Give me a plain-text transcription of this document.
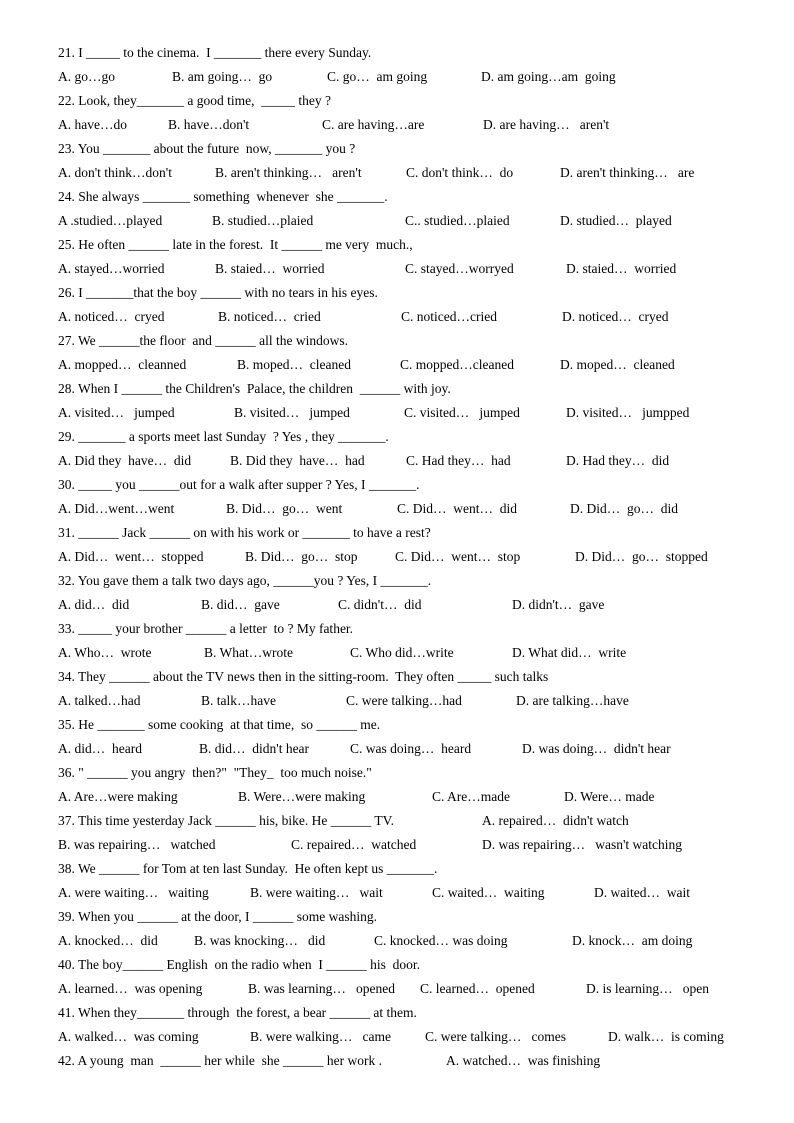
21. I _____ to the cinema.  I _______ there every Sunday.
A. go…go	B. am going…  go	C. go…  am going	D. am going…am  going
22. Look, they_______ a good time,  _____ they ?
A. have…do	B. have…don't	C. are having…are	D. are having…   aren't
23. You _______ about the future  now, _______ you ?
A. don't think…don't	B. aren't thinking…   aren't	C. don't think…  do	D. aren't thinking…   are
24. She always _______ something  whenever  she _______.
A .studied…played	B. studied…plaied	C.. studied…plaied	D. studied…  played
25. He often ______ late in the forest.  It ______ me very  much.,
A. stayed…worried	B. staied…  worried	C. stayed…worryed	D. staied…  worried
26. I _______that the boy ______ with no tears in his eyes.
A. noticed…  cryed	B. noticed…  cried	C. noticed…cried	D. noticed…  cryed
27. We ______the floor  and ______ all the windows.
A. mopped…  cleanned	B. moped…  cleaned	C. mopped…cleaned	D. moped…  cleaned
28. When I ______ the Children's  Palace, the children  ______ with joy.
A. visited…   jumped	B. visited…   jumped	C. visited…   jumped	D. visited…   jumpped
29. _______ a sports meet last Sunday  ? Yes , they _______.
A. Did they  have…  did	B. Did they  have…  had	C. Had they…  had	D. Had they…  did
30. _____ you ______out for a walk after supper ? Yes, I _______.
A. Did…went…went	B. Did…  go…  went	C. Did…  went…  did	D. Did…  go…  did
31. ______ Jack ______ on with his work or _______ to have a rest?
A. Did…  went…  stopped	B. Did…  go…  stop	C. Did…  went…  stop	D. Did…  go…  stopped
32. You gave them a talk two days ago, ______you ? Yes, I _______.
A. did…  did	B. did…  gave	C. didn't…  did	D. didn't…  gave
33. _____ your brother ______ a letter  to ? My father.
A. Who…  wrote	B. What…wrote	C. Who did…write	D. What did…  write
34. They ______ about the TV news then in the sitting-room.  They often _____ such talks
A. talked…had	B. talk…have	C. were talking…had	D. are talking…have
35. He _______ some cooking  at that time,  so ______ me.
A. did…  heard	B. did…  didn't hear	C. was doing…  heard	D. was doing…  didn't hear
36. " ______ you angry  then?"  "They_  too much noise."
A. Are…were making	B. Were…were making	C. Are…made	D. Were… made
37. This time yesterday Jack ______ his, bike. He ______ TV.	A. repaired…  didn't watch
B. was repairing…   watched	C. repaired…  watched	D. was repairing…   wasn't watching
38. We ______ for Tom at ten last Sunday.  He often kept us _______.
A. were waiting…   waiting	B. were waiting…   wait	C. waited…  waiting	D. waited…  wait
39. When you ______ at the door, I ______ some washing.
A. knocked…  did	B. was knocking…   did	C. knocked… was doing	D. knock…  am doing
40. The boy______ English  on the radio when  I ______ his  door.
A. learned…  was opening	B. was learning…   opened C. learned…  opened	D. is learning…   open
41. When they_______ through  the forest, a bear ______ at them.
A. walked…  was coming	B. were walking…   came	C. were talking…   comes	D. walk…  is coming
42. A young  man  ______ her while  she ______ her work .	A. watched…  was finishing
